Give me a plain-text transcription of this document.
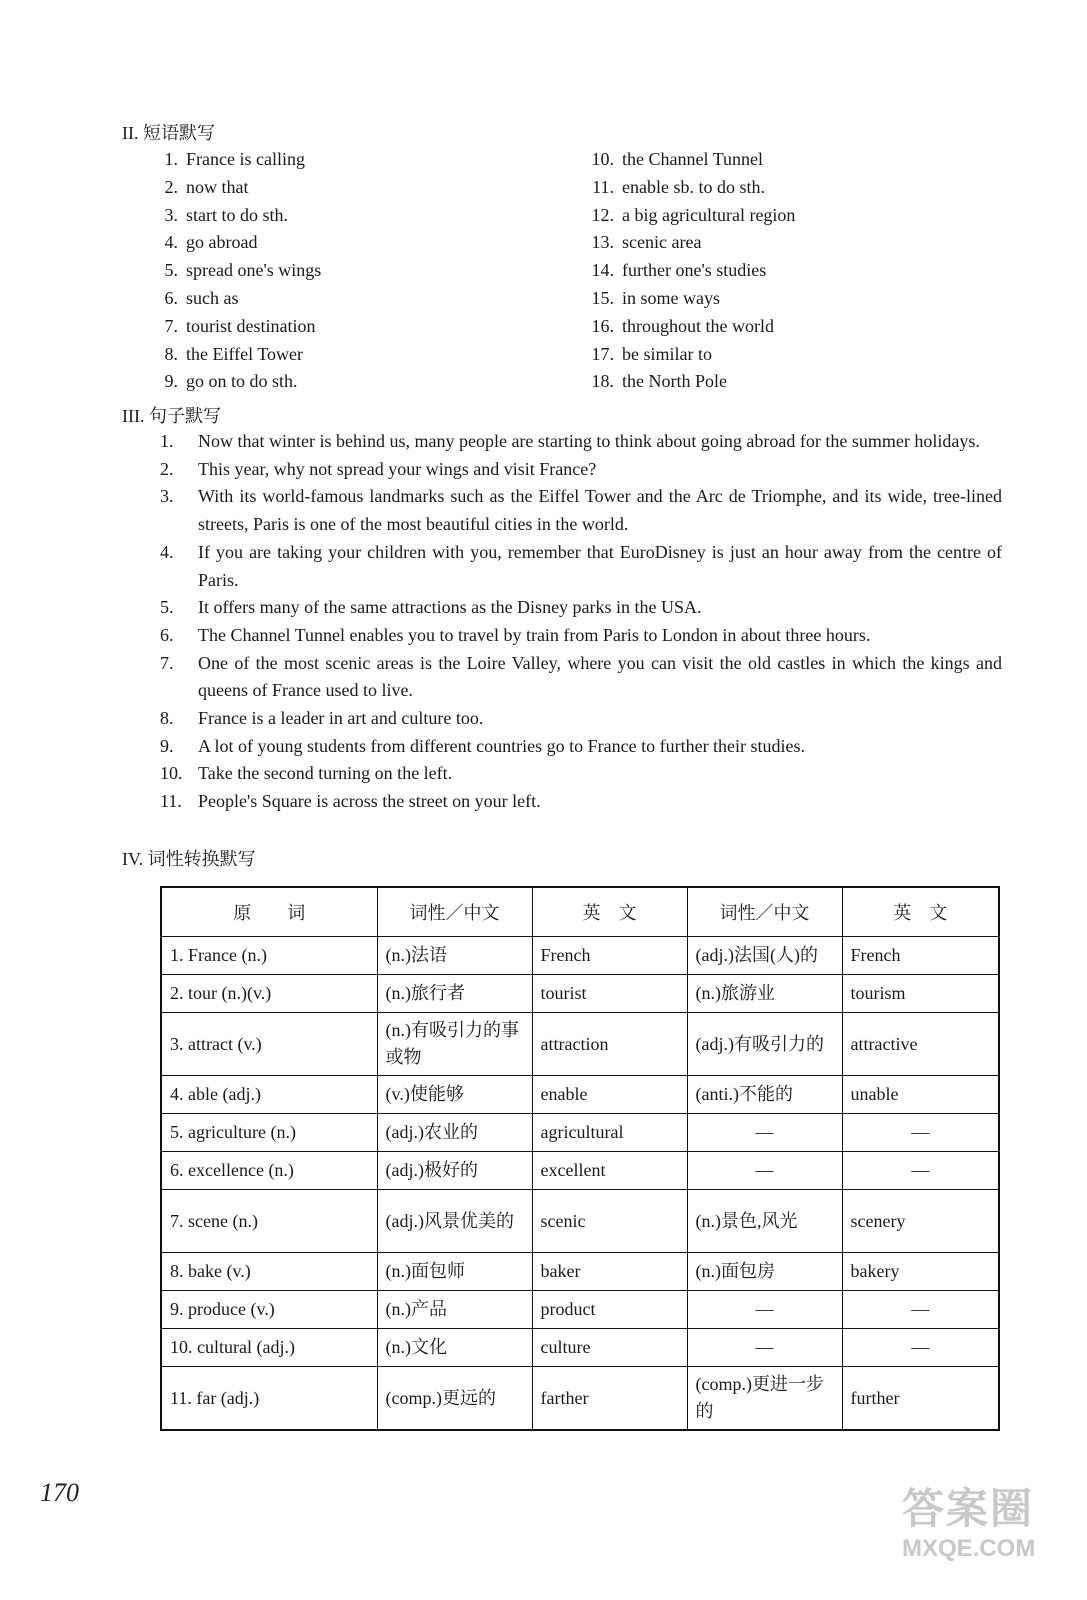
II. 短语默写
1. France is calling
2. now that
3. start to do sth.
4. go abroad
5. spread one's wings
6. such as
7. tourist destination
8. the Eiffel Tower
9. go on to do sth.
10. the Channel Tunnel
11. enable sb. to do sth.
12. a big agricultural region
13. scenic area
14. further one's studies
15. in some ways
16. throughout the world
17. be similar to
18. the North Pole
III. 句子默写
1.	Now that winter is behind us, many people are starting to think about going abroad for the summer holidays.
2.	This year, why not spread your wings and visit France?
3.	With its world-famous landmarks such as the Eiffel Tower and the Arc de Triomphe, and its wide, tree-lined streets, Paris is one of the most beautiful cities in the world.
4.	If you are taking your children with you, remember that EuroDisney is just an hour away from the centre of Paris.
5.	It offers many of the same attractions as the Disney parks in the USA.
6.	The Channel Tunnel enables you to travel by train from Paris to London in about three hours.
7.	One of the most scenic areas is the Loire Valley, where you can visit the old castles in which the kings and queens of France used to live.
8.	France is a leader in art and culture too.
9.	A lot of young students from different countries go to France to further their studies.
10. Take the second turning on the left.
11. People's Square is across the street on your left.
IV. 词性转换默写
原　　词	词性／中文	英　文	词性／中文	英　文
1. France (n.)	(n.)法语	French	(adj.)法国(人)的	French
2. tour (n.)(v.)	(n.)旅行者	tourist	(n.)旅游业	tourism
3. attract (v.)	(n.)有吸引力的事或物	attraction	(adj.)有吸引力的	attractive
4. able (adj.)	(v.)使能够	enable	(anti.)不能的	unable
5. agriculture (n.)	(adj.)农业的	agricultural	—	—
6. excellence (n.)	(adj.)极好的	excellent	—	—
7. scene (n.)	(adj.)风景优美的	scenic	(n.)景色,风光	scenery
8. bake (v.)	(n.)面包师	baker	(n.)面包房	bakery
9. produce (v.)	(n.)产品	product	—	—
10. cultural (adj.)	(n.)文化	culture	—	—
11. far (adj.)	(comp.)更远的	farther	(comp.)更进一步的	further
170	答案圈
MXQE.COM
